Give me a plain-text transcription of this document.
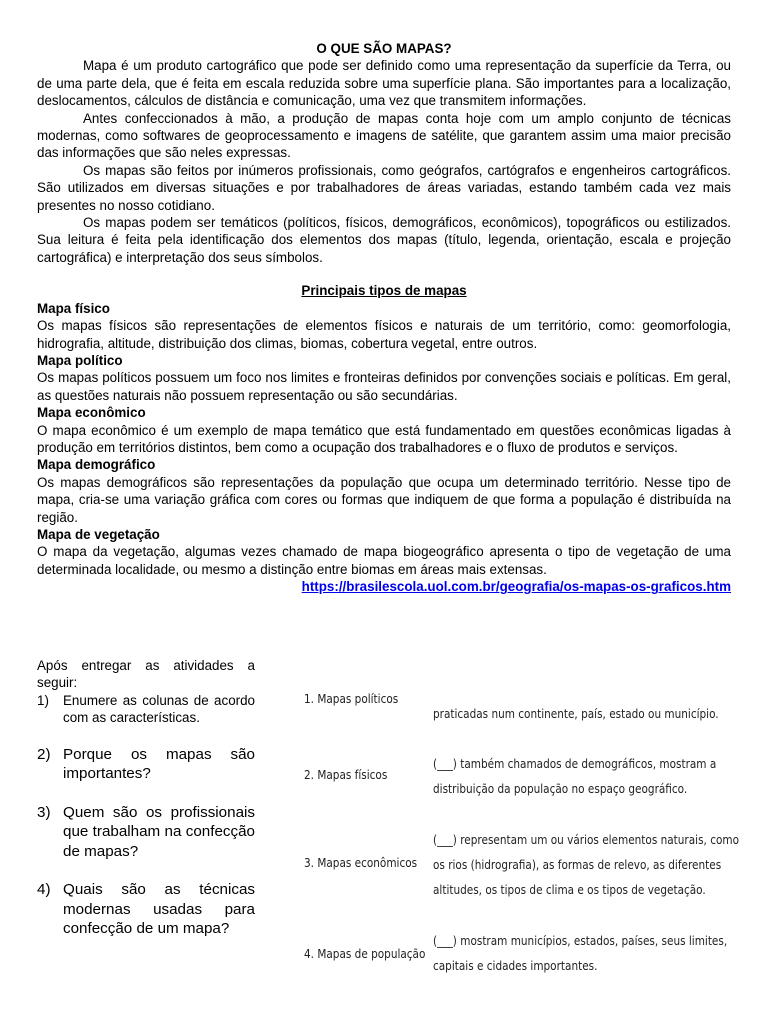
O QUE SÃO MAPAS?

Mapa é um produto cartográfico que pode ser definido como uma representação da superfície da Terra, ou de uma parte dela, que é feita em escala reduzida sobre uma superfície plana. São importantes para a localização, deslocamentos, cálculos de distância e comunicação, uma vez que transmitem informações.

Antes confeccionados à mão, a produção de mapas conta hoje com um amplo conjunto de técnicas modernas, como softwares de geoprocessamento e imagens de satélite, que garantem assim uma maior precisão das informações que são neles expressas.

Os mapas são feitos por inúmeros profissionais, como geógrafos, cartógrafos e engenheiros cartográficos. São utilizados em diversas situações e por trabalhadores de áreas variadas, estando também cada vez mais presentes no nosso cotidiano.

Os mapas podem ser temáticos (políticos, físicos, demográficos, econômicos), topográficos ou estilizados. Sua leitura é feita pela identificação dos elementos dos mapas (título, legenda, orientação, escala e projeção cartográfica) e interpretação dos seus símbolos.

Principais tipos de mapas

Mapa físico

Os mapas físicos são representações de elementos físicos e naturais de um território, como: geomorfologia, hidrografia, altitude, distribuição dos climas, biomas, cobertura vegetal, entre outros.

Mapa político

Os mapas políticos possuem um foco nos limites e fronteiras definidos por convenções sociais e políticas. Em geral, as questões naturais não possuem representação ou são secundárias.

Mapa econômico

O mapa econômico é um exemplo de mapa temático que está fundamentado em questões econômicas ligadas à produção em territórios distintos, bem como a ocupação dos trabalhadores e o fluxo de produtos e serviços.

Mapa demográfico

Os mapas demográficos são representações da população que ocupa um determinado território. Nesse tipo de mapa, cria-se uma variação gráfica com cores ou formas que indiquem de que forma a população é distribuída na região.

Mapa de vegetação

O mapa da vegetação, algumas vezes chamado de mapa biogeográfico apresenta o tipo de vegetação de uma determinada localidade, ou mesmo a distinção entre biomas em áreas mais extensas.

https://brasilescola.uol.com.br/geografia/os-mapas-os-graficos.htm

Após entregar as atividades a seguir:

1)	Enumere as colunas de acordo com as características.
2) Porque os mapas são importantes?
3) Quem são os profissionais que trabalham na confecção de mapas?
4) Quais são as técnicas modernas usadas para confecção de um mapa?
1. Mapas políticos
praticadas num continente, país, estado ou município.
2. Mapas físicos
(___) também chamados de demográficos, mostram a
distribuição da população no espaço geográfico.
3. Mapas econômicos
(___) representam um ou vários elementos naturais, como
os rios (hidrografia), as formas de relevo, as diferentes
altitudes, os tipos de clima e os tipos de vegetação.
4. Mapas de população
(___) mostram municípios, estados, países, seus limites,
capitais e cidades importantes.
